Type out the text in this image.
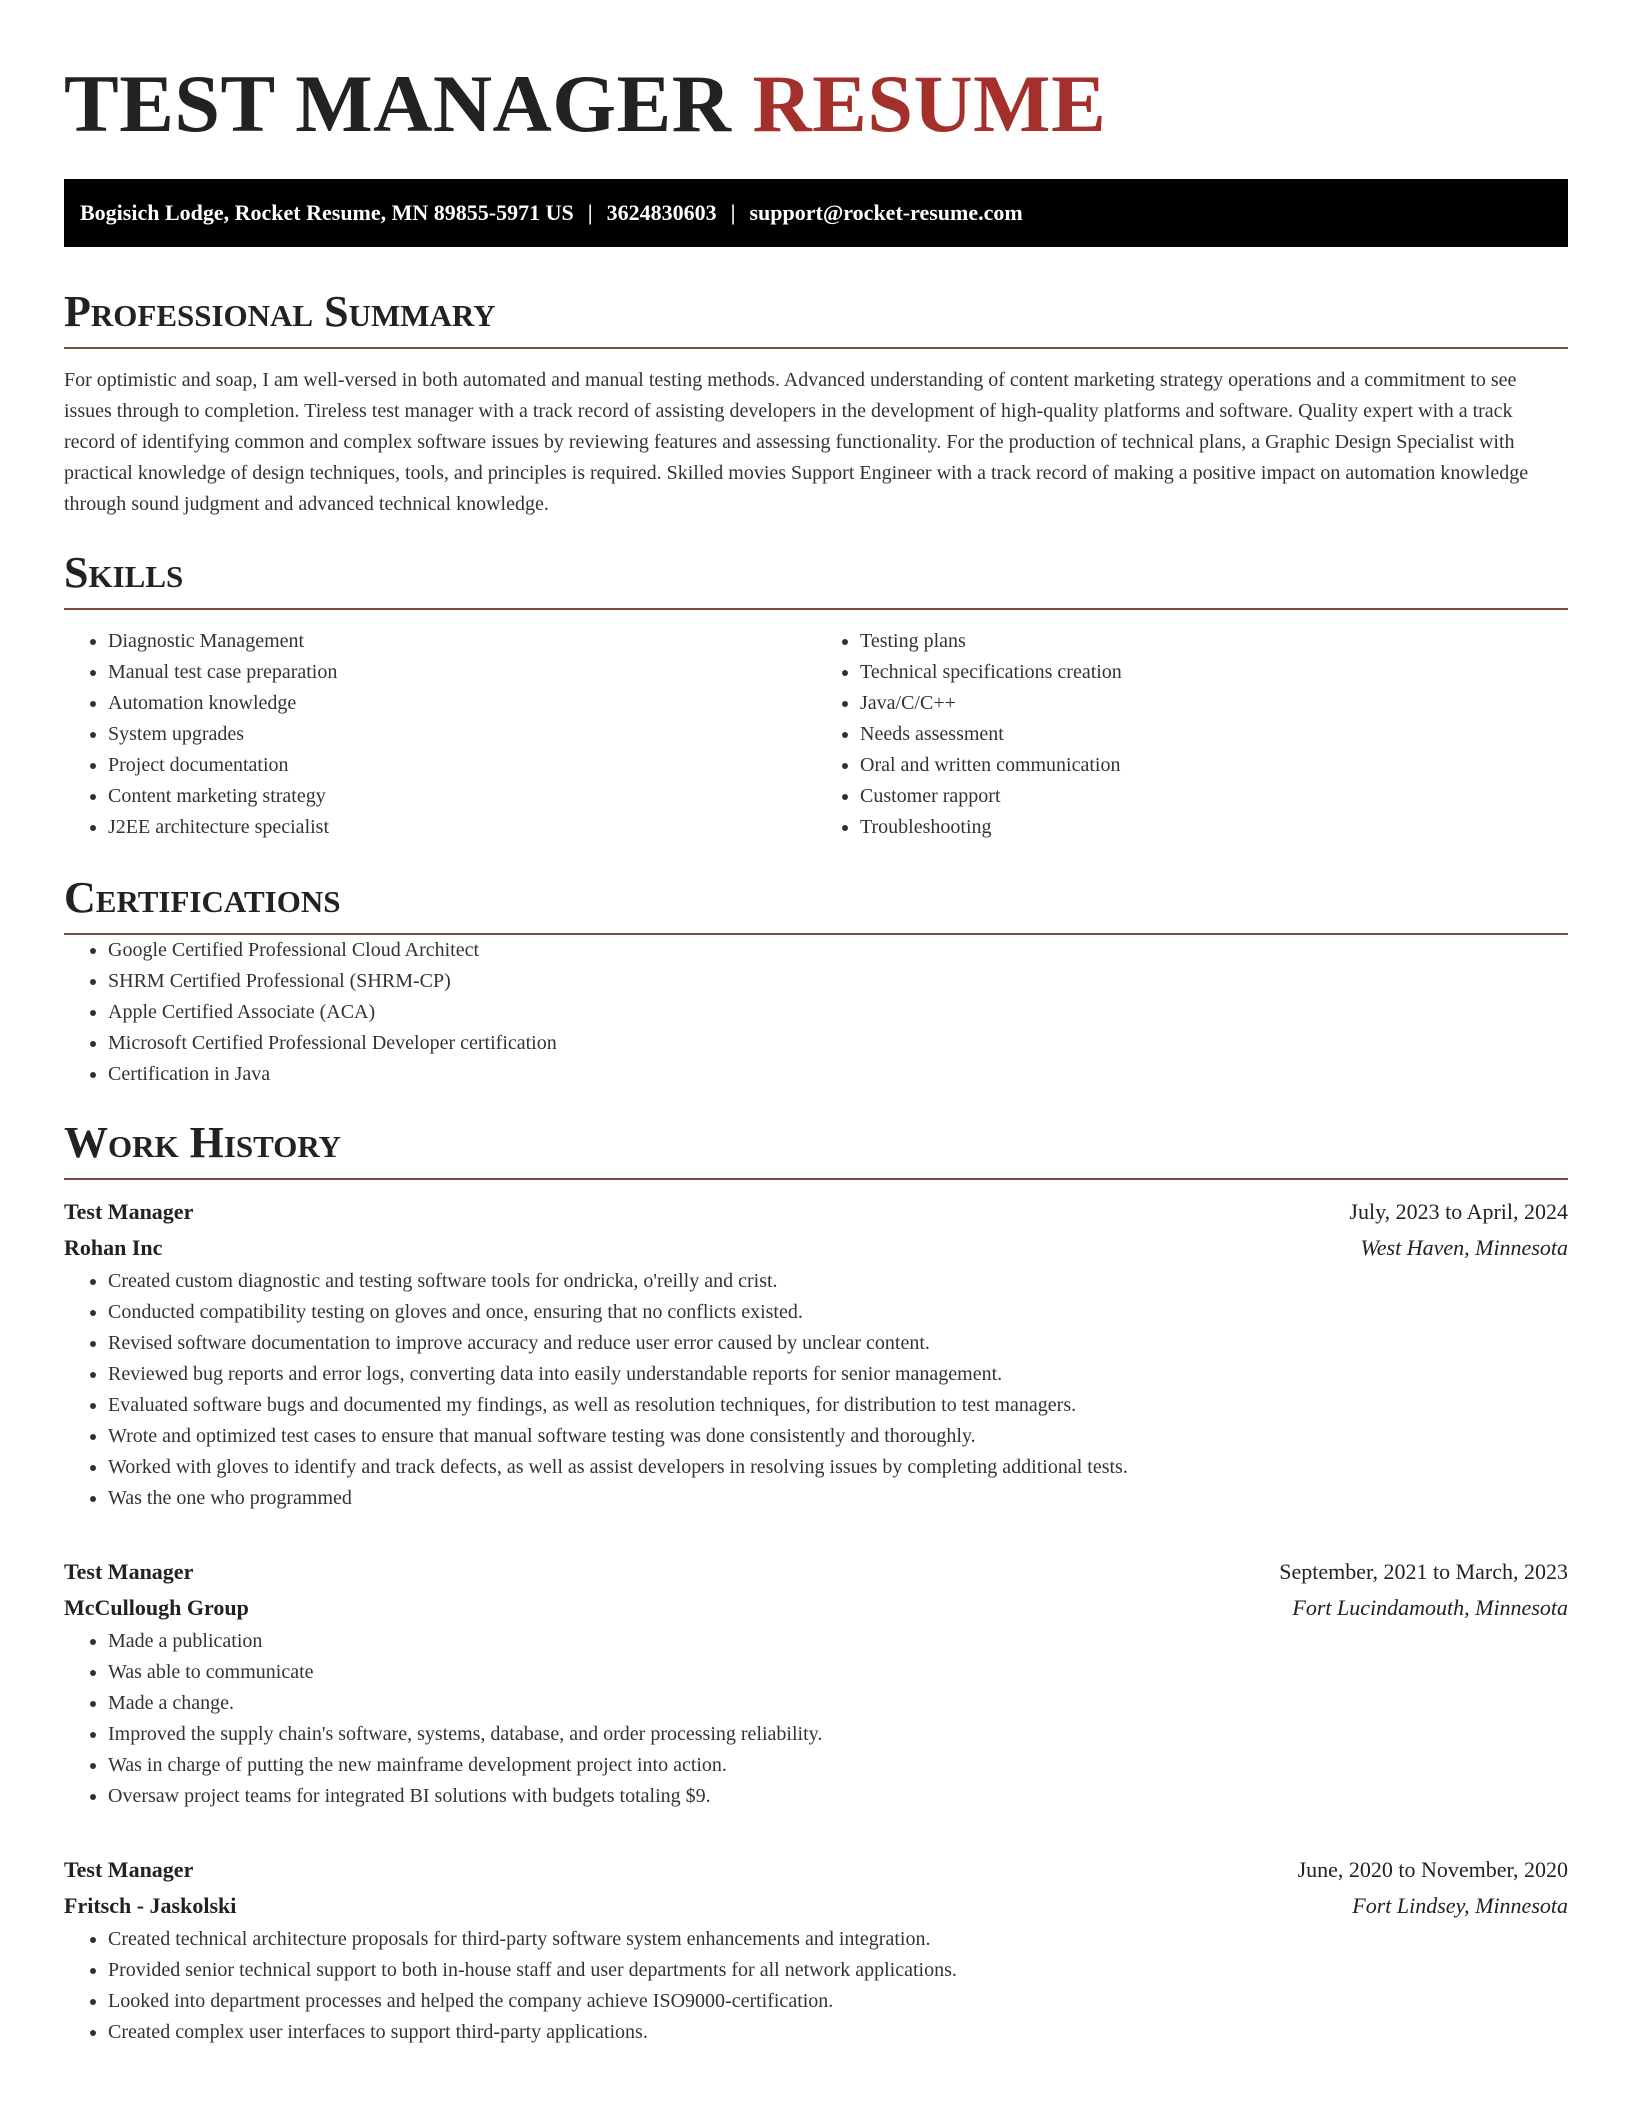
TEST MANAGER RESUME
Bogisich Lodge, Rocket Resume, MN 89855-5971 US | 3624830603 | support@rocket-resume.com
Professional Summary

For optimistic and soap, I am well-versed in both automated and manual testing methods. Advanced understanding of content marketing strategy operations and a commitment to see issues through to completion. Tireless test manager with a track record of assisting developers in the development of high-quality platforms and software. Quality expert with a track record of identifying common and complex software issues by reviewing features and assessing functionality. For the production of technical plans, a Graphic Design Specialist with practical knowledge of design techniques, tools, and principles is required. Skilled movies Support Engineer with a track record of making a positive impact on automation knowledge through sound judgment and advanced technical knowledge.

Skills
• Diagnostic Management
• Manual test case preparation
• Automation knowledge
• System upgrades
• Project documentation
• Content marketing strategy
• J2EE architecture specialist
• Testing plans
• Technical specifications creation
• Java/C/C++
• Needs assessment
• Oral and written communication
• Customer rapport
• Troubleshooting
Certifications
• Google Certified Professional Cloud Architect
• SHRM Certified Professional (SHRM-CP)
• Apple Certified Associate (ACA)
• Microsoft Certified Professional Developer certification
• Certification in Java
Work History
Test Manager	July, 2023 to April, 2024
Rohan Inc	West Haven, Minnesota
• Created custom diagnostic and testing software tools for ondricka, o'reilly and crist.
• Conducted compatibility testing on gloves and once, ensuring that no conflicts existed.
• Revised software documentation to improve accuracy and reduce user error caused by unclear content.
• Reviewed bug reports and error logs, converting data into easily understandable reports for senior management.
• Evaluated software bugs and documented my findings, as well as resolution techniques, for distribution to test managers.
• Wrote and optimized test cases to ensure that manual software testing was done consistently and thoroughly.
• Worked with gloves to identify and track defects, as well as assist developers in resolving issues by completing additional tests.
• Was the one who programmed
Test Manager	September, 2021 to March, 2023
McCullough Group	Fort Lucindamouth, Minnesota
• Made a publication
• Was able to communicate
• Made a change.
• Improved the supply chain's software, systems, database, and order processing reliability.
• Was in charge of putting the new mainframe development project into action.
• Oversaw project teams for integrated BI solutions with budgets totaling $9.
Test Manager	June, 2020 to November, 2020
Fritsch - Jaskolski	Fort Lindsey, Minnesota
• Created technical architecture proposals for third-party software system enhancements and integration.
• Provided senior technical support to both in-house staff and user departments for all network applications.
• Looked into department processes and helped the company achieve ISO9000-certification.
• Created complex user interfaces to support third-party applications.
